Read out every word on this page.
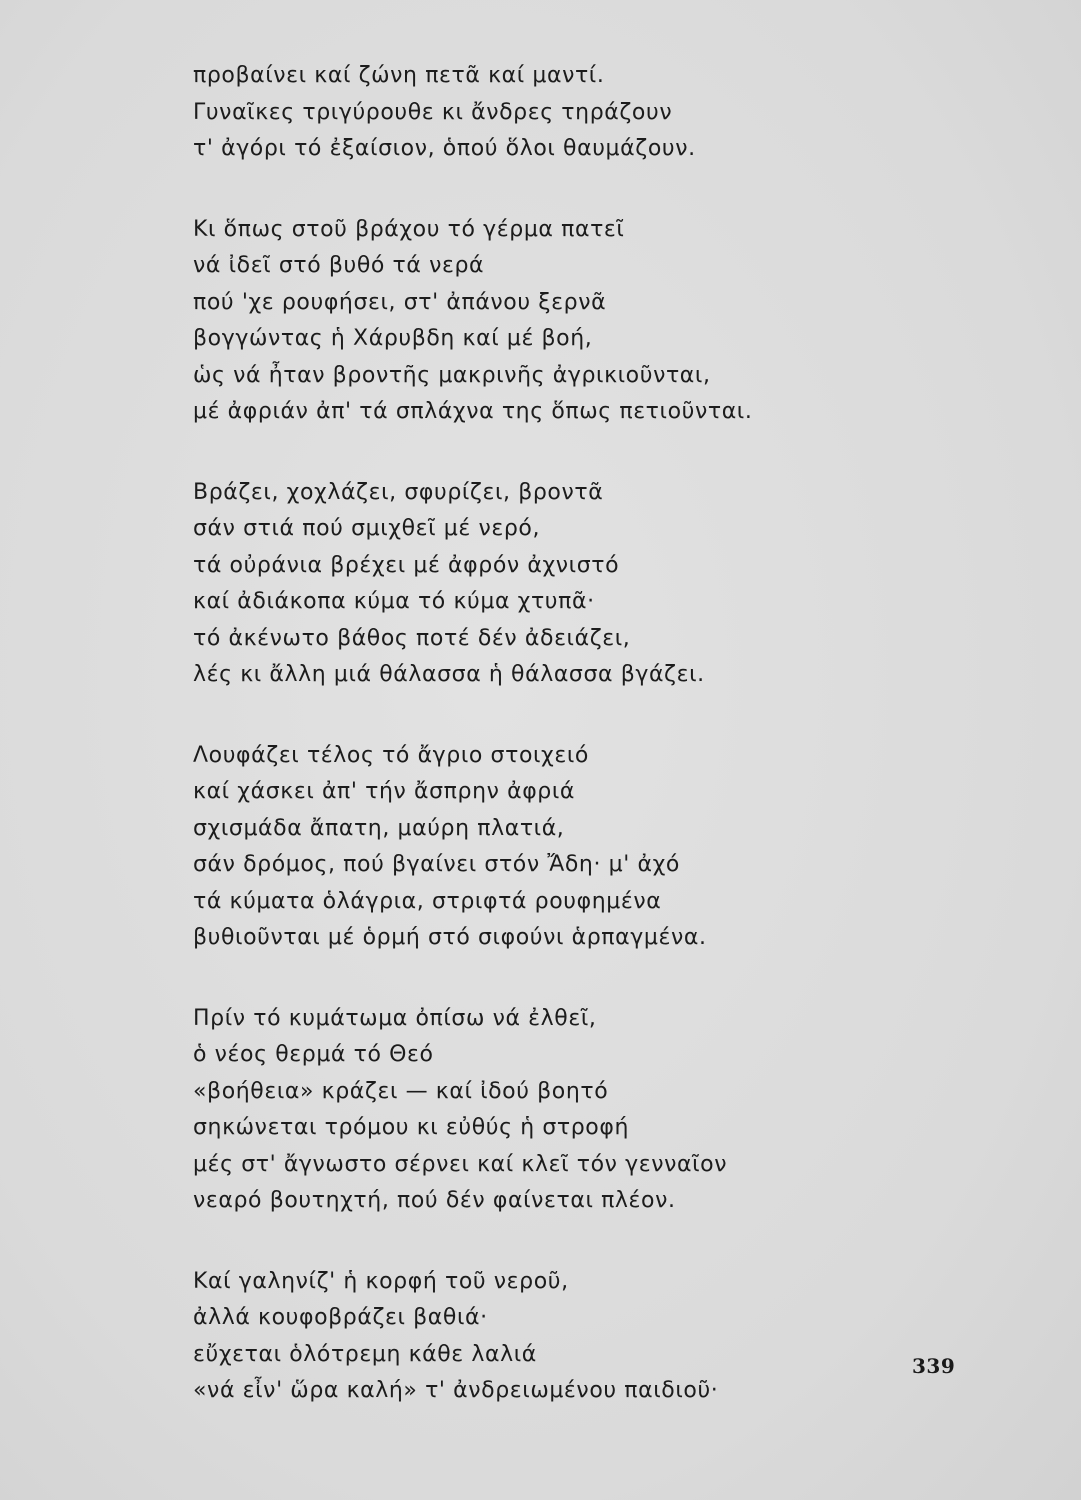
προβαίνει καί ζώνη πετᾶ καί μαντί.
Γυναῖκες τριγύρουθε κι ἄνδρες τηράζουν
τ' ἀγόρι τό ἐξαίσιον, ὁπού ὅλοι θαυμάζουν.
Κι ὅπως στοῦ βράχου τό γέρμα πατεῖ
νά ἰδεῖ στό βυθό τά νερά
πού 'χε ρουφήσει, στ' ἀπάνου ξερνᾶ
βογγώντας ἡ Χάρυβδη καί μέ βοή,
ὡς νά ἦταν βροντῆς μακρινῆς ἀγρικιοῦνται,
μέ ἀφριάν ἀπ' τά σπλάχνα της ὅπως πετιοῦνται.
Βράζει, χοχλάζει, σφυρίζει, βροντᾶ
σάν στιά πού σμιχθεῖ μέ νερό,
τά οὐράνια βρέχει μέ ἀφρόν ἀχνιστό
καί ἀδιάκοπα κύμα τό κύμα χτυπᾶ·
τό ἀκένωτο βάθος ποτέ δέν ἀδειάζει,
λές κι ἄλλη μιά θάλασσα ἡ θάλασσα βγάζει.
Λουφάζει τέλος τό ἄγριο στοιχειό
καί χάσκει ἀπ' τήν ἄσπρην ἀφριά
σχισμάδα ἄπατη, μαύρη πλατιά,
σάν δρόμος, πού βγαίνει στόν Ἄδη· μ' ἀχό
τά κύματα ὁλάγρια, στριφτά ρουφημένα
βυθιοῦνται μέ ὁρμή στό σιφούνι ἁρπαγμένα.
Πρίν τό κυμάτωμα ὀπίσω νά ἐλθεῖ,
ὁ νέος θερμά τό Θεό
«βοήθεια» κράζει — καί ἰδού βοητό
σηκώνεται τρόμου κι εὐθύς ἡ στροφή
μές στ' ἄγνωστο σέρνει καί κλεῖ τόν γενναῖον
νεαρό βουτηχτή, πού δέν φαίνεται πλέον.
Καί γαληνίζ' ἡ κορφή τοῦ νεροῦ,
ἀλλά κουφοβράζει βαθιά·
εὔχεται ὁλότρεμη κάθε λαλιά
«νά εἶν' ὥρα καλή» τ' ἀνδρειωμένου παιδιοῦ·
339
